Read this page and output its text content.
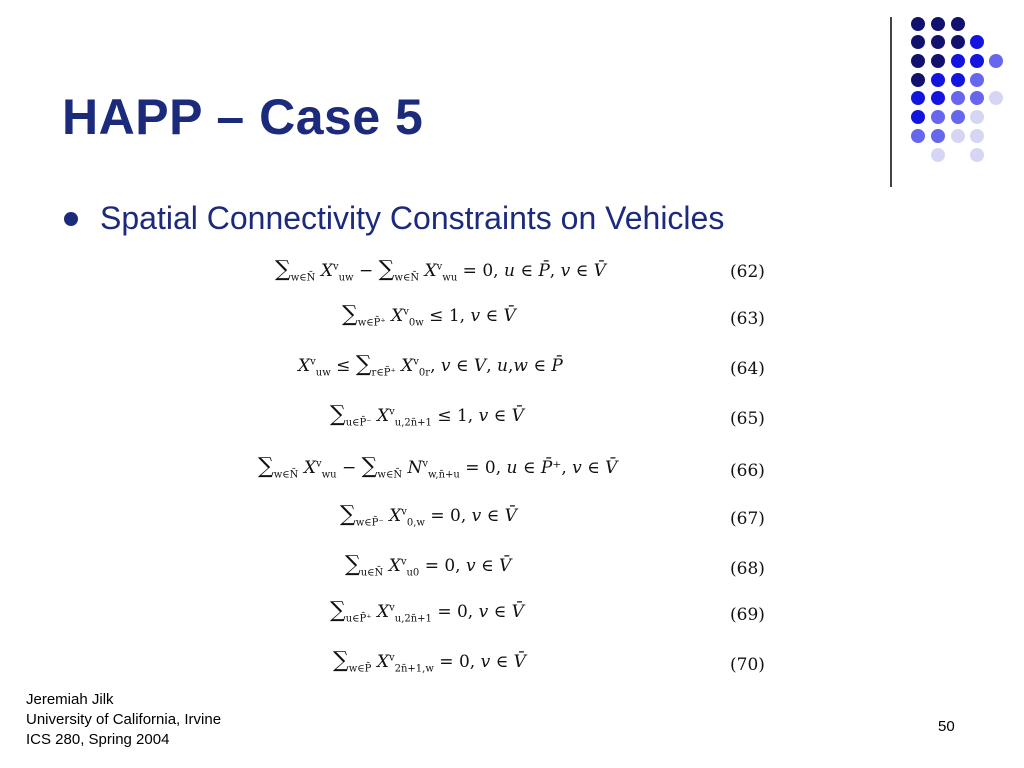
HAPP – Case 5
Spatial Connectivity Constraints on Vehicles
$\sum_{w\in N̄}$ $X^v_{uw} - \sum_{w\in N̄}$ $X^v_{wu} = 0$, u ∈ P̄, v ∈ V̄	(62)
$\sum_{w\in P̄^+}$ $X^v_{0w} \le 1$, v ∈ V̄	(63)
$X^v_{uw} \le \sum_{r\in P̄^+}$ $X^v_{0r}$, v ∈ V, u,w ∈ P̄	(64)
$\sum_{u\in P̄^-}$ $X^v_{u,2n̄+1} \le 1$, v ∈ V̄	(65)
$\sum_{w\in N̄}$ $X^v_{wu} - \sum_{w\in N̄}$ $N^v_{w,n̄+u} = 0$, u ∈ P̄⁺, v ∈ V̄	(66)
$\sum_{w\in P̄^-}$ $X^v_{0,w} = 0$, v ∈ V̄	(67)
$\sum_{u\in N̄}$ $X^v_{u0} = 0$, v ∈ V̄	(68)
$\sum_{u\in P̄^+}$ $X^v_{u,2n̄+1} = 0$, v ∈ V̄	(69)
$\sum_{w\in P̄}$ $X^v_{2n̄+1,w} = 0$, v ∈ V̄	(70)
Jeremiah Jilk
University of California, Irvine
ICS 280, Spring 2004
50
